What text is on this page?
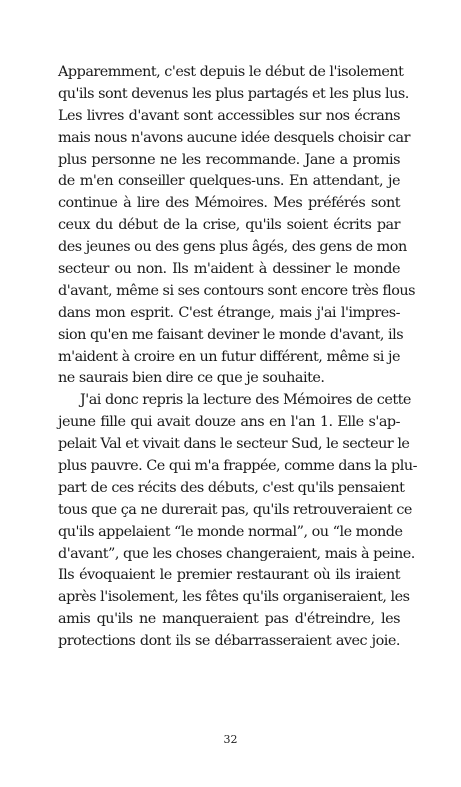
Apparemment, c'est depuis le début de l'isolement
qu'ils sont devenus les plus partagés et les plus lus.
Les livres d'avant sont accessibles sur nos écrans
mais nous n'avons aucune idée desquels choisir car
plus personne ne les recommande. Jane a promis
de m'en conseiller quelques-uns. En attendant, je
continue à lire des Mémoires. Mes préférés sont
ceux du début de la crise, qu'ils soient écrits par
des jeunes ou des gens plus âgés, des gens de mon
secteur ou non. Ils m'aident à dessiner le monde
d'avant, même si ses contours sont encore très flous
dans mon esprit. C'est étrange, mais j'ai l'impres-
sion qu'en me faisant deviner le monde d'avant, ils
m'aident à croire en un futur différent, même si je
ne saurais bien dire ce que je souhaite.
J'ai donc repris la lecture des Mémoires de cette
jeune fille qui avait douze ans en l'an 1. Elle s'ap-
pelait Val et vivait dans le secteur Sud, le secteur le
plus pauvre. Ce qui m'a frappée, comme dans la plu-
part de ces récits des débuts, c'est qu'ils pensaient
tous que ça ne durerait pas, qu'ils retrouveraient ce
qu'ils appelaient “le monde normal”, ou “le monde
d'avant”, que les choses changeraient, mais à peine.
Ils évoquaient le premier restaurant où ils iraient
après l'isolement, les fêtes qu'ils organiseraient, les
amis qu'ils ne manqueraient pas d'étreindre, les
protections dont ils se débarrasseraient avec joie.
32
